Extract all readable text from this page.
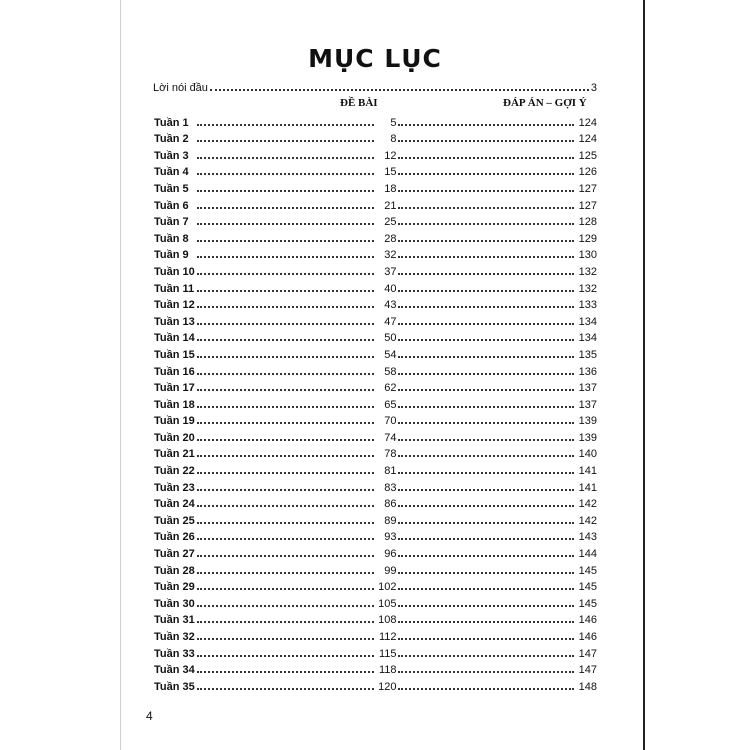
MỤC LỤC
Lời nói đầu	3
ĐỀ BÀI	ĐÁP ÁN – GỢI Ý
Tuần 1	5	124
Tuần 2	8	124
Tuần 3	12	125
Tuần 4	15	126
Tuần 5	18	127
Tuần 6	21	127
Tuần 7	25	128
Tuần 8	28	129
Tuần 9	32	130
Tuần 10	37	132
Tuần 11	40	132
Tuần 12	43	133
Tuần 13	47	134
Tuần 14	50	134
Tuần 15	54	135
Tuần 16	58	136
Tuần 17	62	137
Tuần 18	65	137
Tuần 19	70	139
Tuần 20	74	139
Tuần 21	78	140
Tuần 22	81	141
Tuần 23	83	141
Tuần 24	86	142
Tuần 25	89	142
Tuần 26	93	143
Tuần 27	96	144
Tuần 28	99	145
Tuần 29	102	145
Tuần 30	105	145
Tuần 31	108	146
Tuần 32	112	146
Tuần 33	115	147
Tuần 34	118	147
Tuần 35	120	148
4
